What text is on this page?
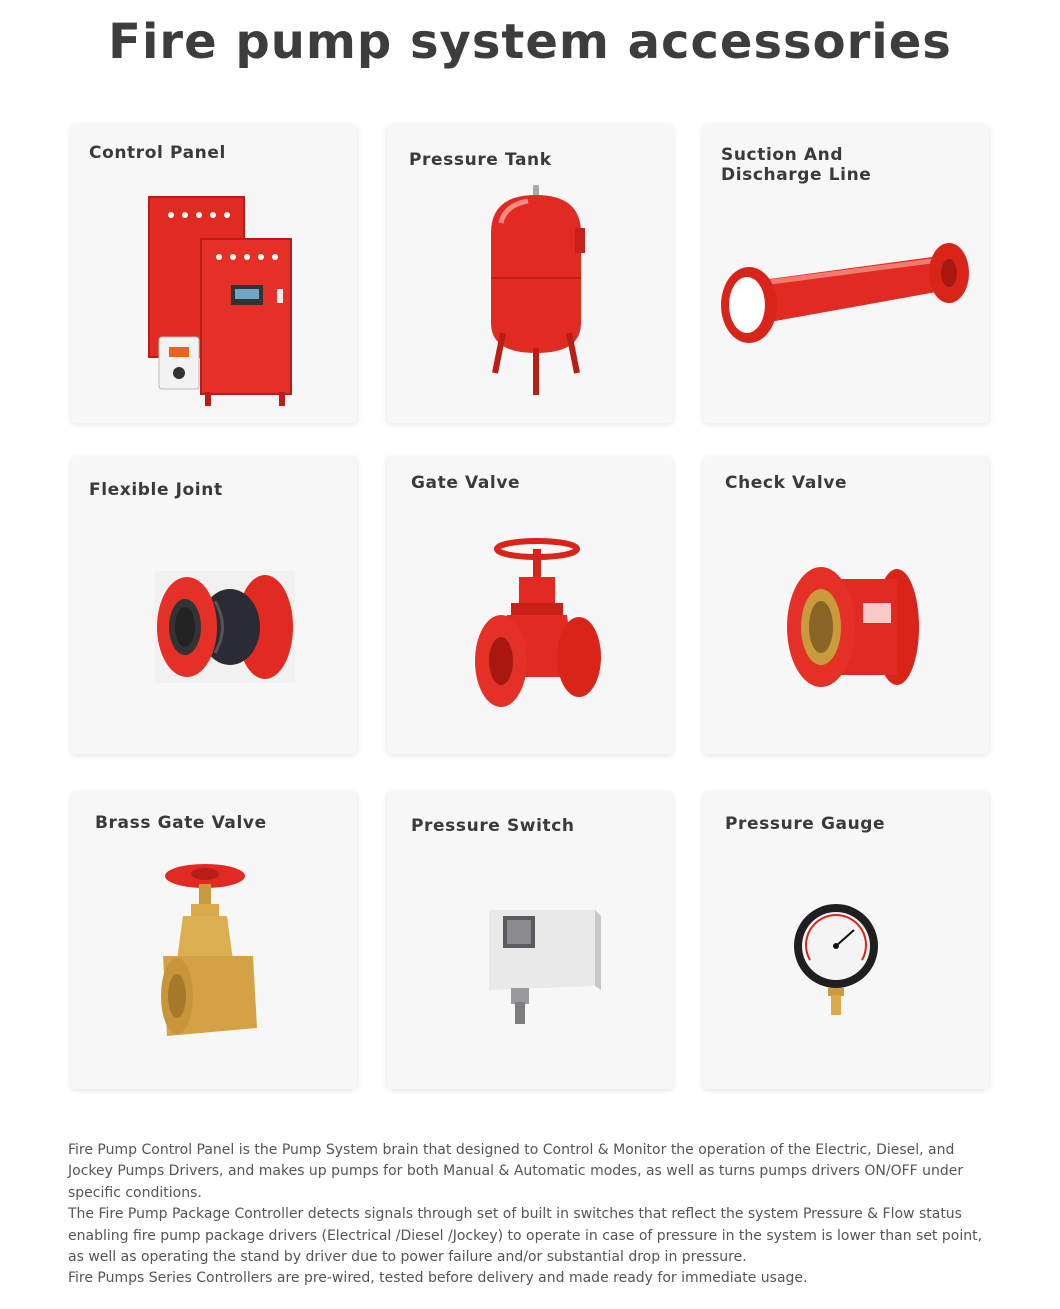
Fire pump system accessories
Control Panel	Pressure Tank	Suction And
Discharge Line
Flexible Joint	Gate Valve	Check Valve
Brass Gate Valve	Pressure Switch	Pressure Gauge

Fire Pump Control Panel is the Pump System brain that designed to Control & Monitor the operation of the Electric, Diesel, and Jockey Pumps Drivers, and makes up pumps for both Manual & Automatic modes, as well as turns pumps drivers ON/OFF under specific conditions.

The Fire Pump Package Controller detects signals through set of built in switches that reflect the system Pressure & Flow status enabling fire pump package drivers (Electrical /Diesel /Jockey) to operate in case of pressure in the system is lower than set point, as well as operating the stand by driver due to power failure and/or substantial drop in pressure.

Fire Pumps Series Controllers are pre-wired, tested before delivery and made ready for immediate usage.
